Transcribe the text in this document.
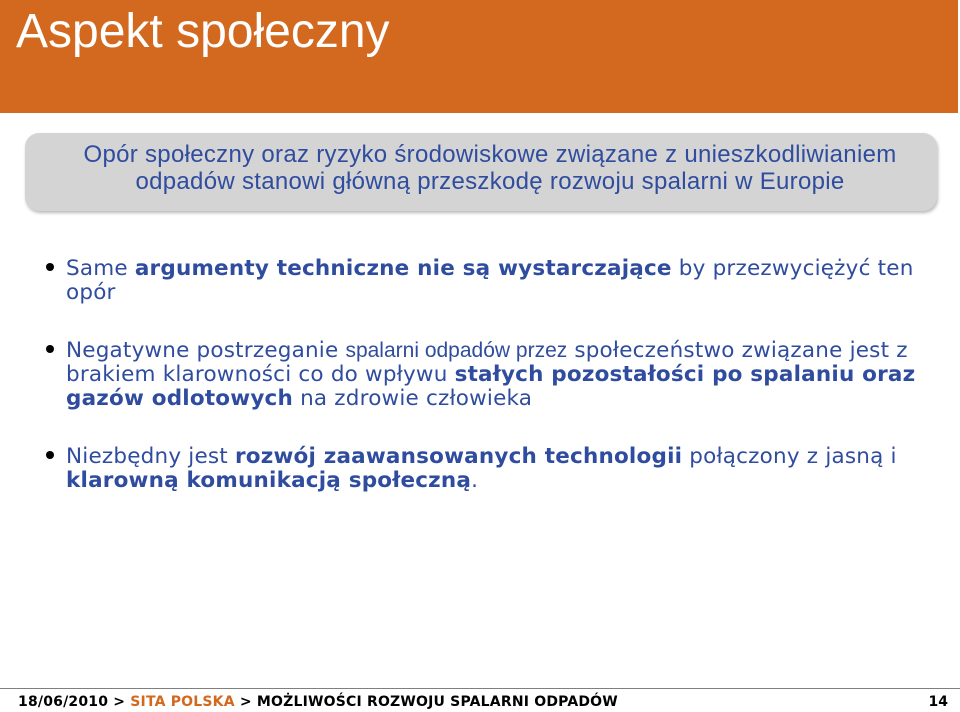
Aspekt społeczny
Opór społeczny oraz ryzyko środowiskowe związane z unieszkodliwianiem
odpadów stanowi główną przeszkodę rozwoju spalarni w Europie
Same argumenty techniczne nie są wystarczające by przezwyciężyć ten
opór
Negatywne postrzeganie spalarni odpadów przez społeczeństwo związane jest z
brakiem klarowności co do wpływu stałych pozostałości po spalaniu oraz
gazów odlotowych na zdrowie człowieka
Niezbędny jest rozwój zaawansowanych technologii połączony z jasną i
klarowną komunikacją społeczną.
18/06/2010 > SITA POLSKA > MOŻLIWOŚCI ROZWOJU SPALARNI ODPADÓW	14
